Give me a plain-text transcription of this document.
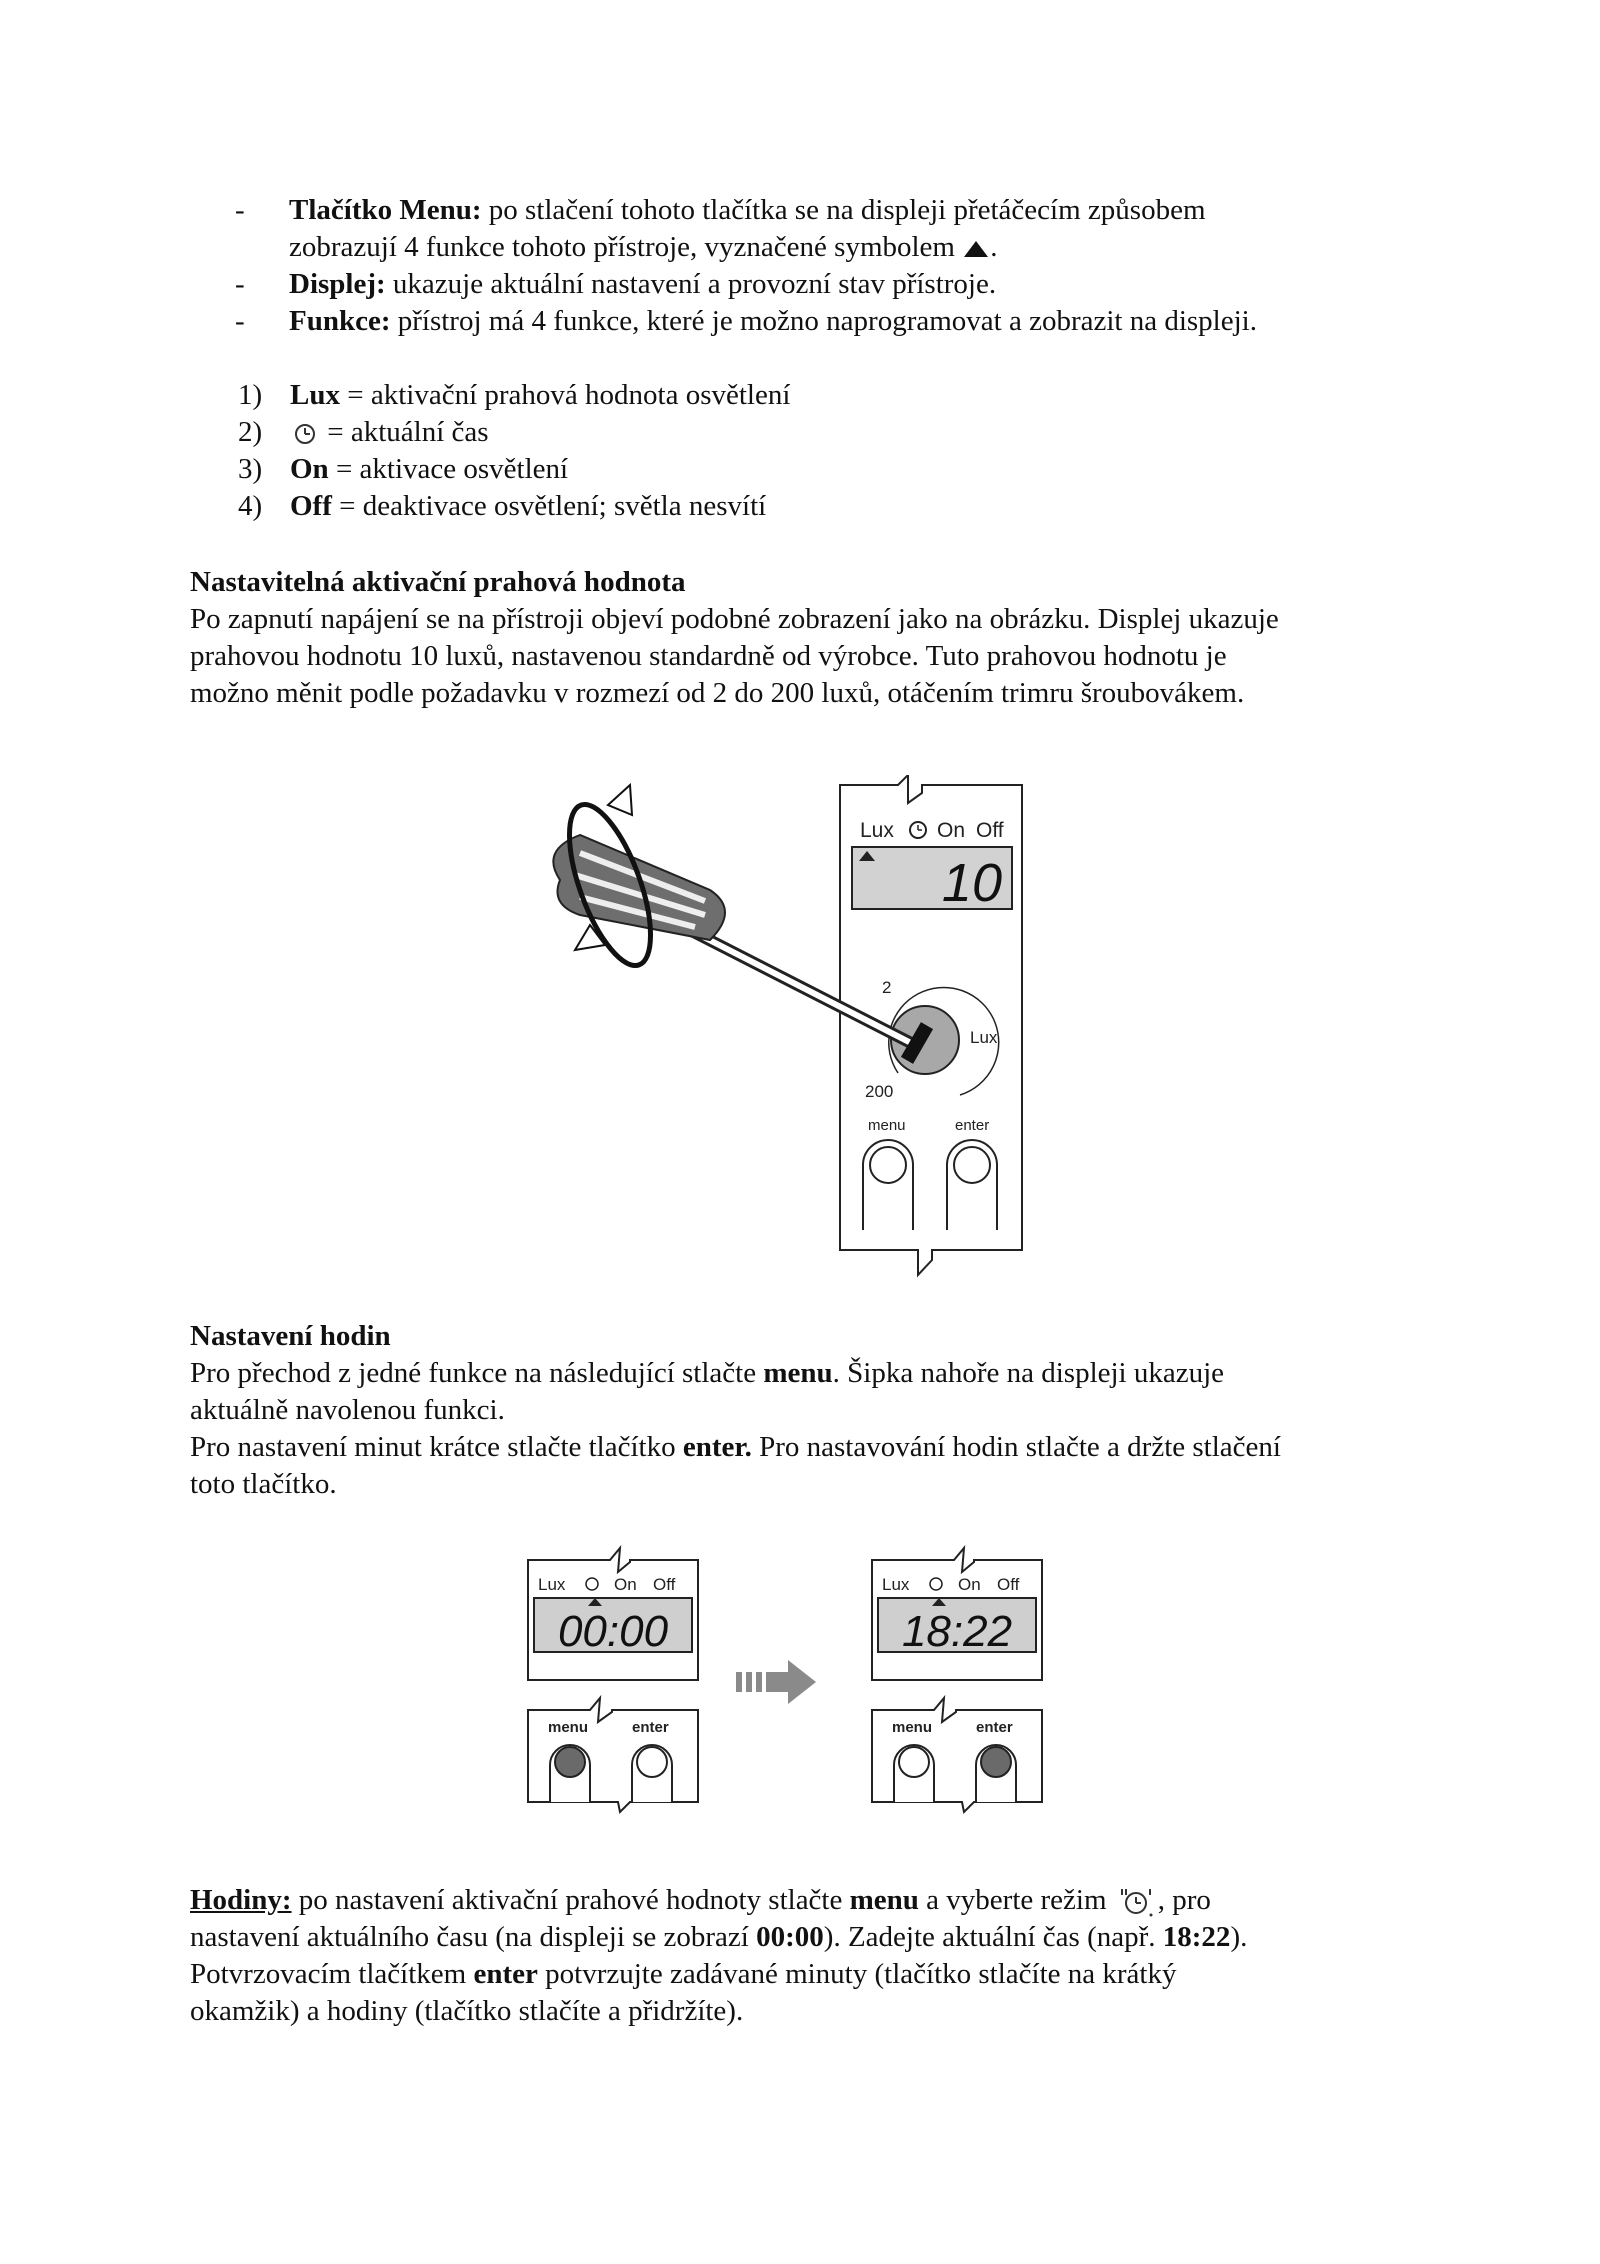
- Tlačítko Menu: po stlačení tohoto tlačítka se na displeji přetáčecím způsobem
zobrazují 4 funkce tohoto přístroje, vyznačené symbolem .
- Displej: ukazuje aktuální nastavení a provozní stav přístroje.
- Funkce: přístroj má 4 funkce, které je možno naprogramovat a zobrazit na displeji.
1) Lux = aktivační prahová hodnota osvětlení
2)	= aktuální čas
3) On = aktivace osvětlení
4) Off = deaktivace osvětlení; světla nesvítí
Nastavitelná aktivační prahová hodnota
Po zapnutí napájení se na přístroji objeví podobné zobrazení jako na obrázku. Displej ukazuje
prahovou hodnotu 10 luxů, nastavenou standardně od výrobce. Tuto prahovou hodnotu je
možno měnit podle požadavku v rozmezí od 2 do 200 luxů, otáčením trimru šroubovákem.
Lux On Off
10
2
Lux
200
menu	enter
Nastavení hodin
Pro přechod z jedné funkce na následující stlačte menu. Šipka nahoře na displeji ukazuje
aktuálně navolenou funkci.
Pro nastavení minut krátce stlačte tlačítko enter. Pro nastavování hodin stlačte a držte stlačení
toto tlačítko.
Lux	On Off
00:00
menu	enter
Lux	On Off
18:22
menu	enter
Hodiny: po nastavení aktivační prahové hodnoty stlačte menu a vyberte režim , pro
nastavení aktuálního času (na displeji se zobrazí 00:00). Zadejte aktuální čas (např. 18:22).
Potvrzovacím tlačítkem enter potvrzujte zadávané minuty (tlačítko stlačíte na krátký
okamžik) a hodiny (tlačítko stlačíte a přidržíte).
